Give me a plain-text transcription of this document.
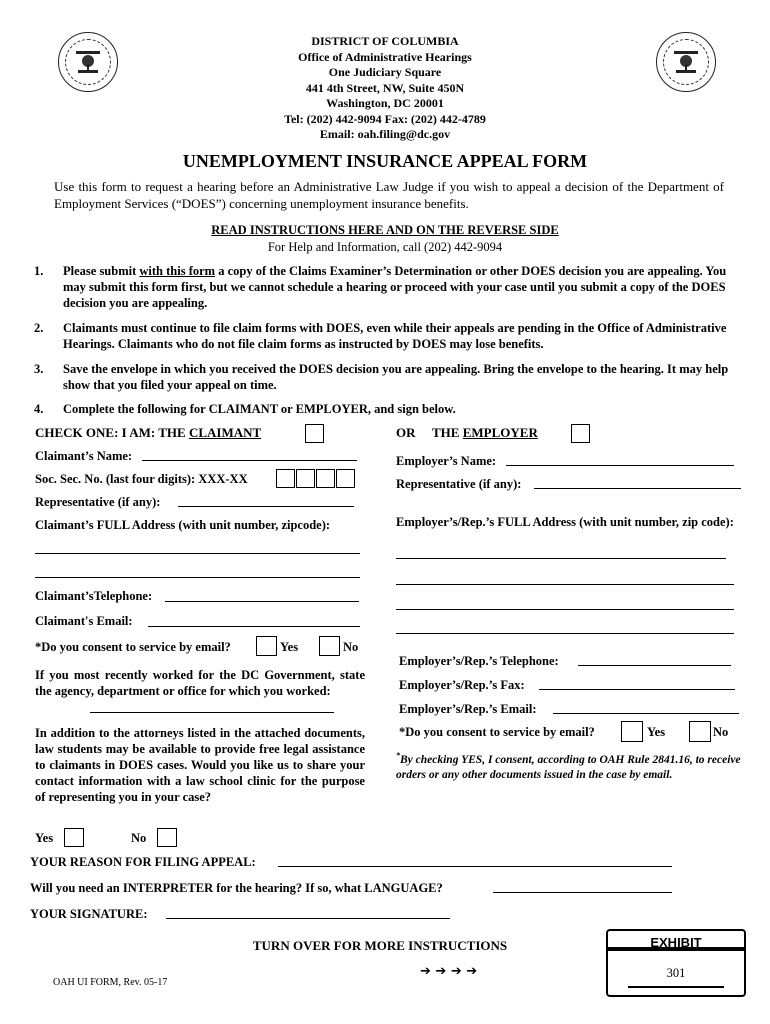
DISTRICT OF COLUMBIA
Office of Administrative Hearings
One Judiciary Square
441 4th Street, NW, Suite 450N
Washington, DC 20001
Tel: (202) 442-9094 Fax: (202) 442-4789
Email: oah.filing@dc.gov
UNEMPLOYMENT INSURANCE APPEAL FORM
Use this form to request a hearing before an Administrative Law Judge if you wish to appeal a decision of the Department of Employment Services (“DOES”) concerning unemployment insurance benefits.
READ INSTRUCTIONS HERE AND ON THE REVERSE SIDE
For Help and Information, call (202) 442-9094
1. Please submit with this form a copy of the Claims Examiner’s Determination or other DOES decision you are appealing. You may submit this form first, but we cannot schedule a hearing or proceed with your case until you submit a copy of the DOES decision you are appealing.
2. Claimants must continue to file claim forms with DOES, even while their appeals are pending in the Office of Administrative Hearings. Claimants who do not file claim forms as instructed by DOES may lose benefits.
3. Save the envelope in which you received the DOES decision you are appealing. Bring the envelope to the hearing. It may help show that you filed your appeal on time.
4. Complete the following for CLAIMANT or EMPLOYER, and sign below.
CHECK ONE: I AM: THE CLAIMANT	OR THE EMPLOYER
Claimant’s Name:
Soc. Sec. No. (last four digits): XXX-XX
Representative (if any):
Claimant’s FULL Address (with unit number, zipcode):
Claimant’sTelephone:
Claimant's Email:
*Do you consent to service by email?	Yes	No
If you most recently worked for the DC Government, state the agency, department or office for which you worked:
In addition to the attorneys listed in the attached documents, law students may be available to provide free legal assistance to claimants in DOES cases. Would you like us to share your contact information with a law school clinic for the purpose of representing you in your case?
Yes	No
Employer’s Name:
Representative (if any):
Employer’s/Rep.’s FULL Address (with unit number, zip code):
Employer’s/Rep.’s Telephone:
Employer’s/Rep.’s Fax:
Employer’s/Rep.’s Email:
*Do you consent to service by email?	Yes	No
*By checking YES, I consent, according to OAH Rule 2841.16, to receive orders or any other documents issued in the case by email.
YOUR REASON FOR FILING APPEAL:
Will you need an INTERPRETER for the hearing? If so, what LANGUAGE?
YOUR SIGNATURE:
TURN OVER FOR MORE INSTRUCTIONS
➔ ➔ ➔ ➔
OAH UI FORM, Rev. 05-17
EXHIBIT
301
